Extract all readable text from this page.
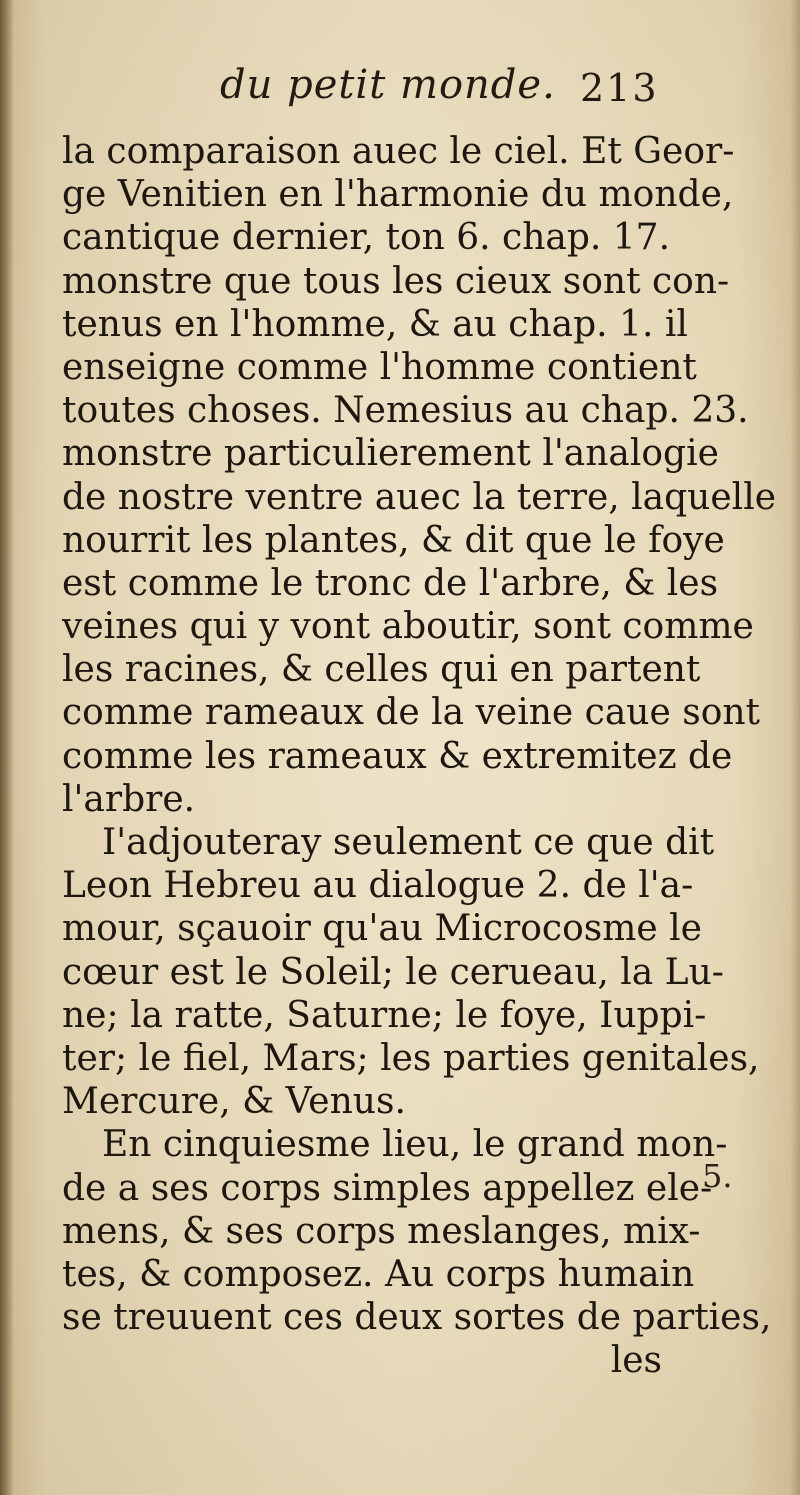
du petit monde. 213
la comparaison auec le ciel. Et Geor-
ge Venitien en l'harmonie du monde,
cantique dernier, ton 6. chap. 17.
monstre que tous les cieux sont con-
tenus en l'homme, & au chap. 1. il
enseigne comme l'homme contient
toutes choses. Nemesius au chap. 23.
monstre particulierement l'analogie
de nostre ventre auec la terre, laquelle
nourrit les plantes, & dit que le foye
est comme le tronc de l'arbre, & les
veines qui y vont aboutir, sont comme
les racines, & celles qui en partent
comme rameaux de la veine caue sont
comme les rameaux & extremitez de
l'arbre.
I'adjouteray seulement ce que dit
Leon Hebreu au dialogue 2. de l'a-
mour, sçauoir qu'au Microcosme le
cœur est le Soleil; le cerueau, la Lu-
ne; la ratte, Saturne; le foye, Iuppi-
ter; le fiel, Mars; les parties genitales,
Mercure, & Venus.
En cinquiesme lieu, le grand mon-
de a ses corps simples appellez ele-
mens, & ses corps meslanges, mix-
tes, & composez. Au corps humain
se treuuent ces deux sortes de parties,
les
5.
